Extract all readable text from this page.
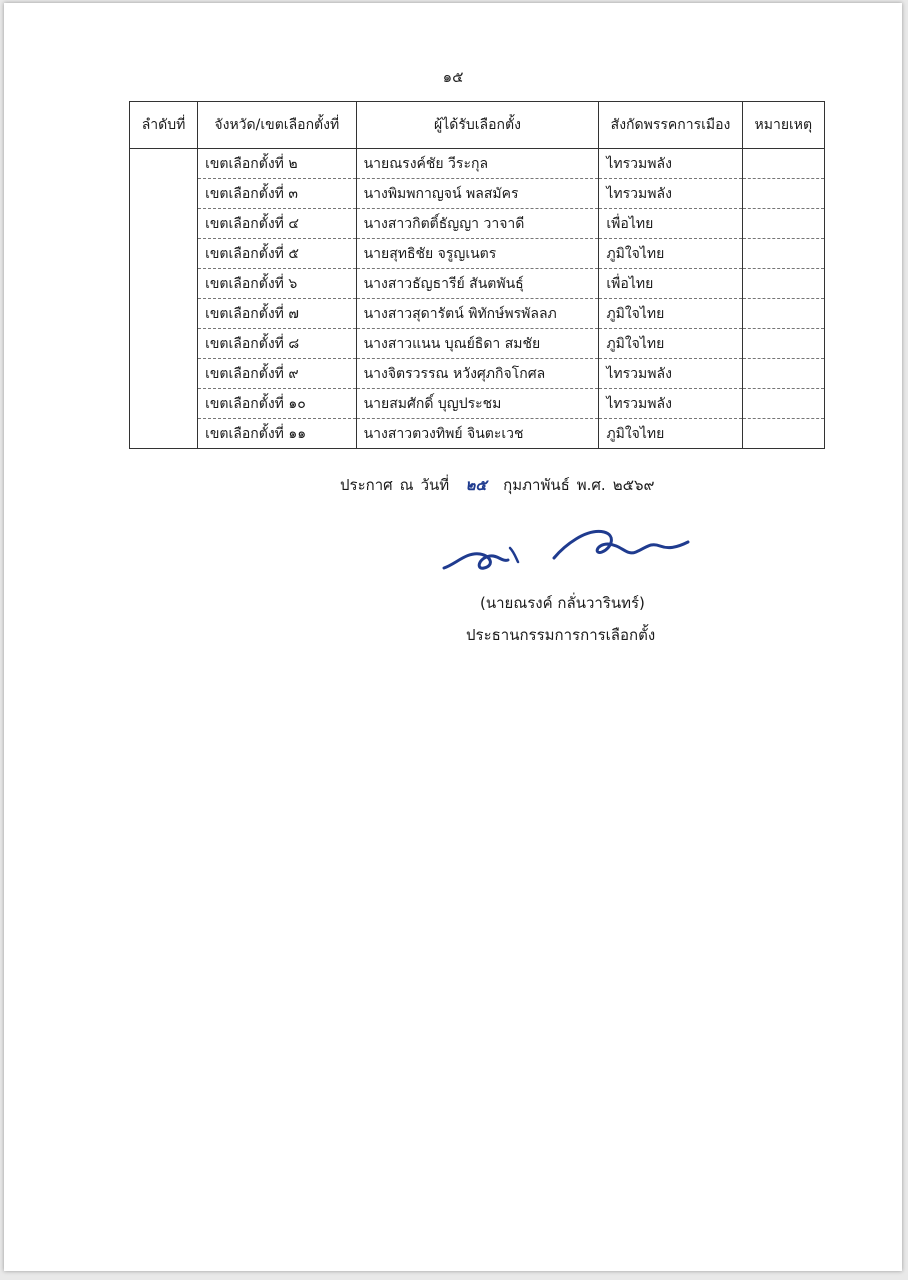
๑๕
ลำดับที่	จังหวัด/เขตเลือกตั้งที่	ผู้ได้รับเลือกตั้ง	สังกัดพรรคการเมือง	หมายเหตุ
	เขตเลือกตั้งที่ ๒	นายณรงค์ชัย วีระกุล	ไทรวมพลัง	
	เขตเลือกตั้งที่ ๓	นางพิมพกาญจน์ พลสมัคร	ไทรวมพลัง	
	เขตเลือกตั้งที่ ๔	นางสาวกิตติ์ธัญญา วาจาดี	เพื่อไทย	
	เขตเลือกตั้งที่ ๕	นายสุทธิชัย จรูญเนตร	ภูมิใจไทย	
	เขตเลือกตั้งที่ ๖	นางสาวธัญธารีย์ สันตพันธุ์	เพื่อไทย	
	เขตเลือกตั้งที่ ๗	นางสาวสุดารัตน์ พิทักษ์พรพัลลภ	ภูมิใจไทย	
	เขตเลือกตั้งที่ ๘	นางสาวแนน บุณย์ธิดา สมชัย	ภูมิใจไทย	
	เขตเลือกตั้งที่ ๙	นางจิตรวรรณ หวังศุภกิจโกศล	ไทรวมพลัง	
	เขตเลือกตั้งที่ ๑๐	นายสมศักดิ์ บุญประชม	ไทรวมพลัง	
	เขตเลือกตั้งที่ ๑๑	นางสาวตวงทิพย์ จินตะเวช	ภูมิใจไทย	
ประกาศ ณ วันที่ ๒๕ กุมภาพันธ์ พ.ศ. ๒๕๖๙
(นายณรงค์ กลั่นวารินทร์)
ประธานกรรมการการเลือกตั้ง
